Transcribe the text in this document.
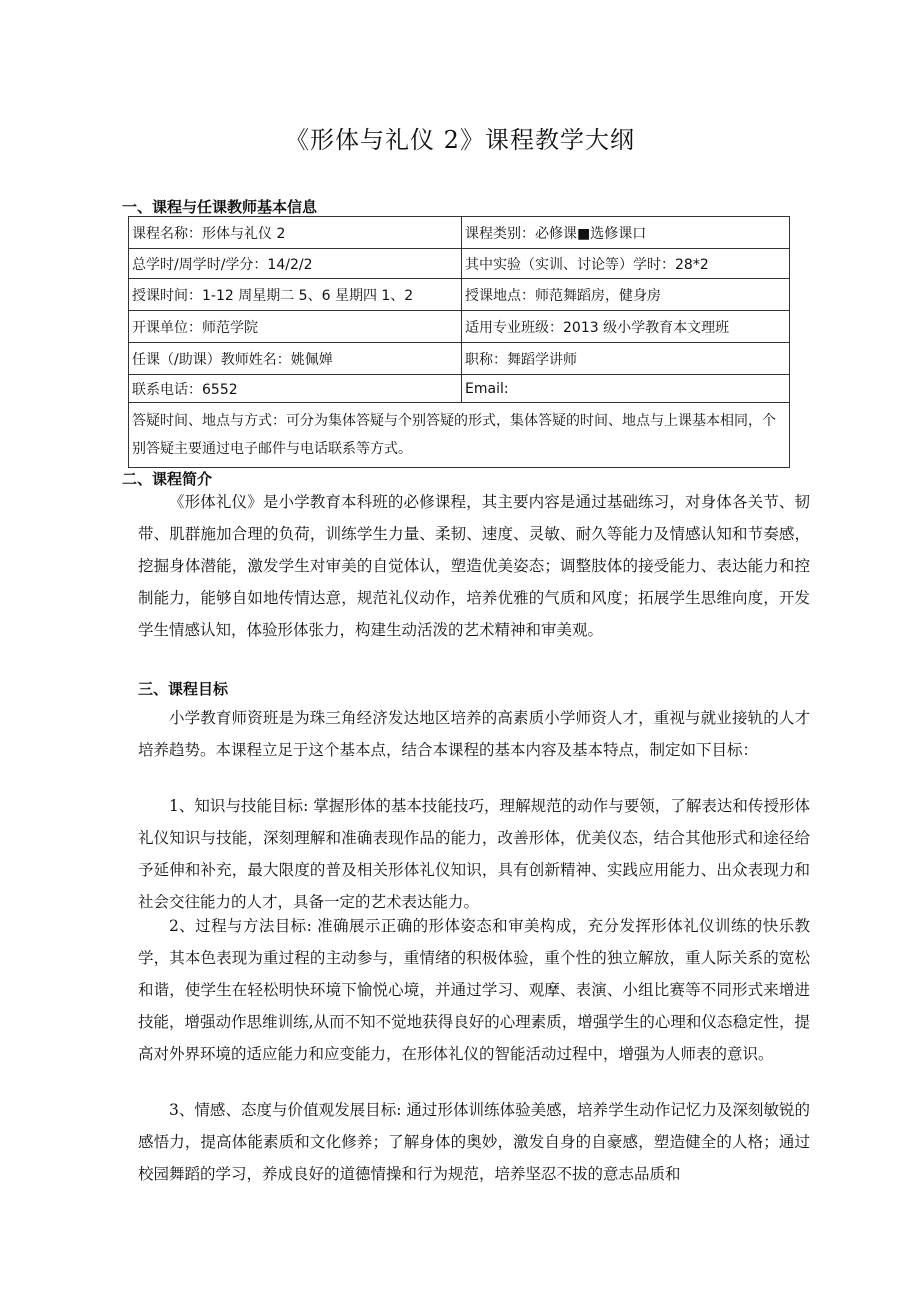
《形体与礼仪 2》课程教学大纲
一、课程与任课教师基本信息
课程名称：形体与礼仪 2	课程类别：必修课■选修课口
总学时/周学时/学分：14/2/2	其中实验（实训、讨论等）学时：28*2
授课时间：1-12 周星期二 5、6 星期四 1、2	授课地点：师范舞蹈房，健身房
开课单位：师范学院	适用专业班级：2013 级小学教育本文理班
任课（/助课）教师姓名：姚佩婵	职称：舞蹈学讲师
联系电话：6552	Email:
答疑时间、地点与方式：可分为集体答疑与个别答疑的形式，集体答疑的时间、地点与上课基本相同，个别答疑主要通过电子邮件与电话联系等方式。	
二、课程简介
《形体礼仪》是小学教育本科班的必修课程，其主要内容是通过基础练习，对身体各关节、韧带、肌群施加合理的负荷，训练学生力量、柔韧、速度、灵敏、耐久等能力及情感认知和节奏感，挖掘身体潜能，激发学生对审美的自觉体认，塑造优美姿态；调整肢体的接受能力、表达能力和控制能力，能够自如地传情达意，规范礼仪动作，培养优雅的气质和风度；拓展学生思维向度，开发学生情感认知，体验形体张力，构建生动活泼的艺术精神和审美观。
三、课程目标
小学教育师资班是为珠三角经济发达地区培养的高素质小学师资人才，重视与就业接轨的人才培养趋势。本课程立足于这个基本点，结合本课程的基本内容及基本特点，制定如下目标：
1、知识与技能目标: 掌握形体的基本技能技巧，理解规范的动作与要领，了解表达和传授形体礼仪知识与技能，深刻理解和准确表现作品的能力，改善形体，优美仪态，结合其他形式和途径给予延伸和补充，最大限度的普及相关形体礼仪知识，具有创新精神、实践应用能力、出众表现力和社会交往能力的人才，具备一定的艺术表达能力。
2、过程与方法目标: 准确展示正确的形体姿态和审美构成，充分发挥形体礼仪训练的快乐教学，其本色表现为重过程的主动参与，重情绪的积极体验，重个性的独立解放，重人际关系的宽松和谐，使学生在轻松明快环境下愉悦心境，并通过学习、观摩、表演、小组比赛等不同形式来增进技能，增强动作思维训练,从而不知不觉地获得良好的心理素质，增强学生的心理和仪态稳定性，提高对外界环境的适应能力和应变能力，在形体礼仪的智能活动过程中，增强为人师表的意识。
3、情感、态度与价值观发展目标: 通过形体训练体验美感，培养学生动作记忆力及深刻敏锐的感悟力，提高体能素质和文化修养；了解身体的奥妙，激发自身的自豪感，塑造健全的人格；通过校园舞蹈的学习，养成良好的道德情操和行为规范，培养坚忍不拔的意志品质和
